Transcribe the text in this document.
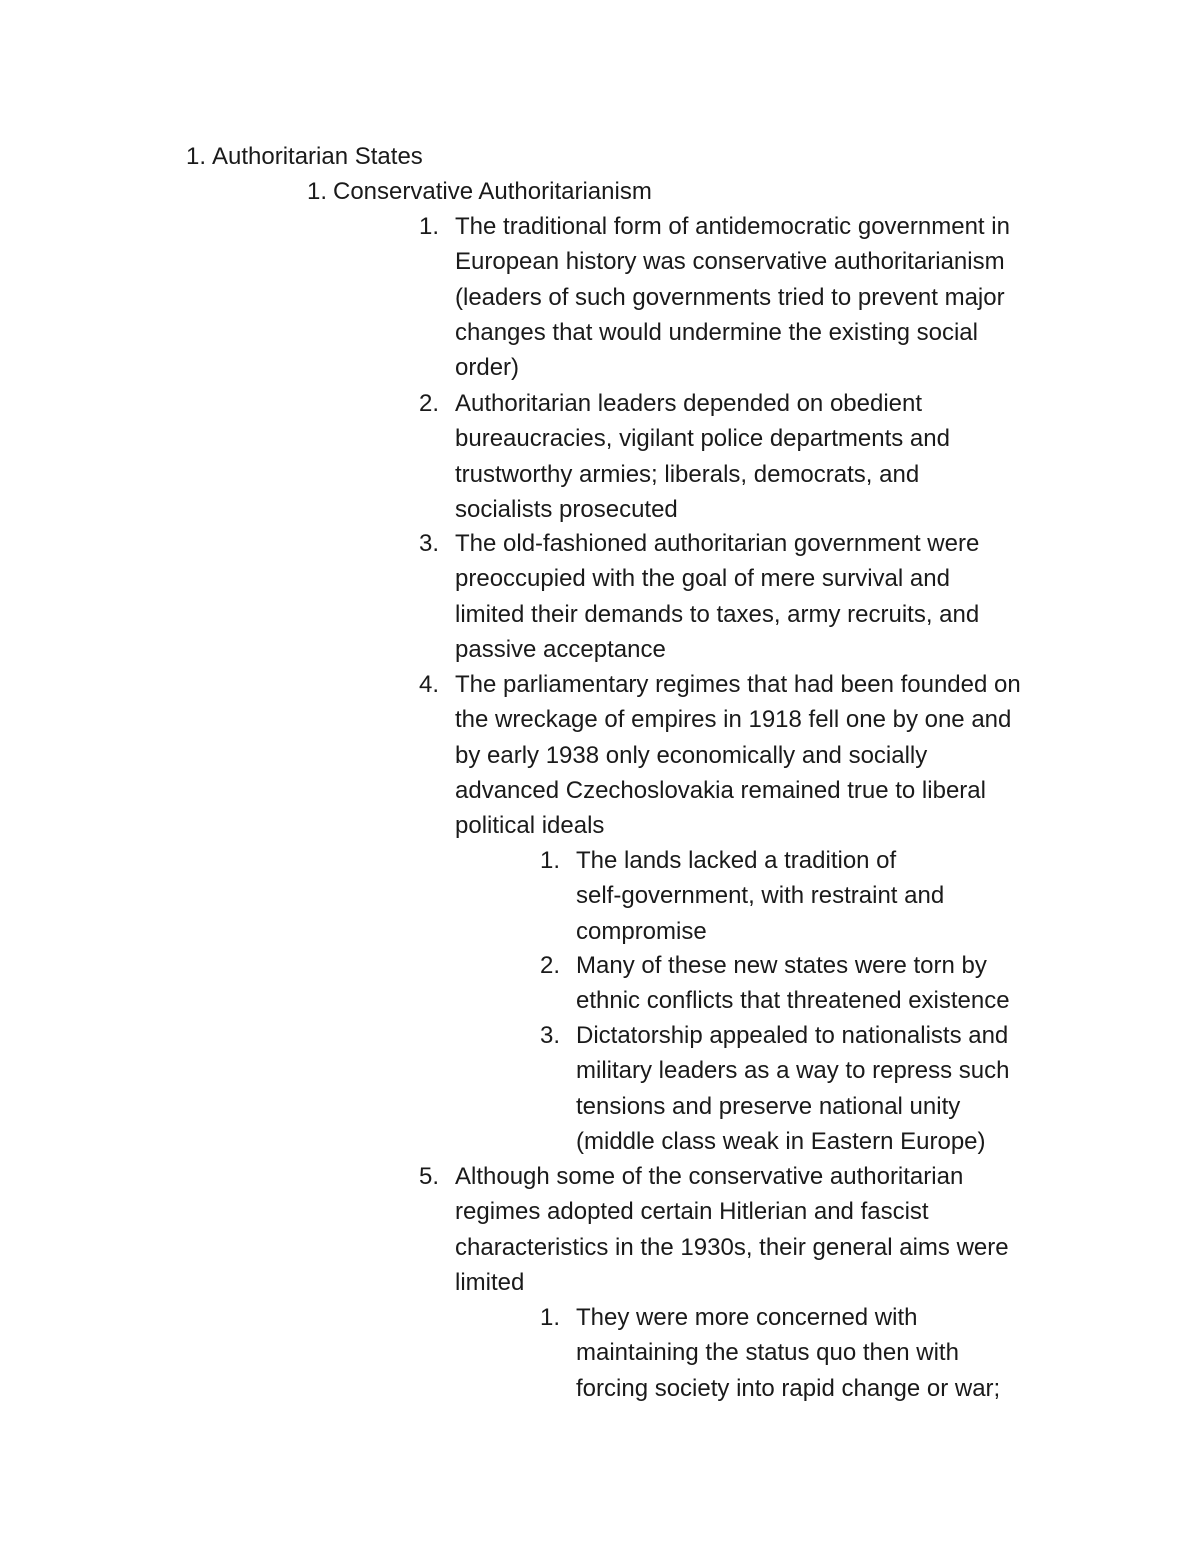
1. Authoritarian States
1. Conservative Authoritarianism
1. The traditional form of antidemocratic government in
European history was conservative authoritarianism
(leaders of such governments tried to prevent major
changes that would undermine the existing social
order)
2. Authoritarian leaders depended on obedient
bureaucracies, vigilant police departments and
trustworthy armies; liberals, democrats, and
socialists prosecuted
3. The old-fashioned authoritarian government were
preoccupied with the goal of mere survival and
limited their demands to taxes, army recruits, and
passive acceptance
4. The parliamentary regimes that had been founded on
the wreckage of empires in 1918 fell one by one and
by early 1938 only economically and socially
advanced Czechoslovakia remained true to liberal
political ideals
1. The lands lacked a tradition of
self-government, with restraint and
compromise
2. Many of these new states were torn by
ethnic conflicts that threatened existence
3. Dictatorship appealed to nationalists and
military leaders as a way to repress such
tensions and preserve national unity
(middle class weak in Eastern Europe)
5. Although some of the conservative authoritarian
regimes adopted certain Hitlerian and fascist
characteristics in the 1930s, their general aims were
limited
1. They were more concerned with
maintaining the status quo then with
forcing society into rapid change or war;
